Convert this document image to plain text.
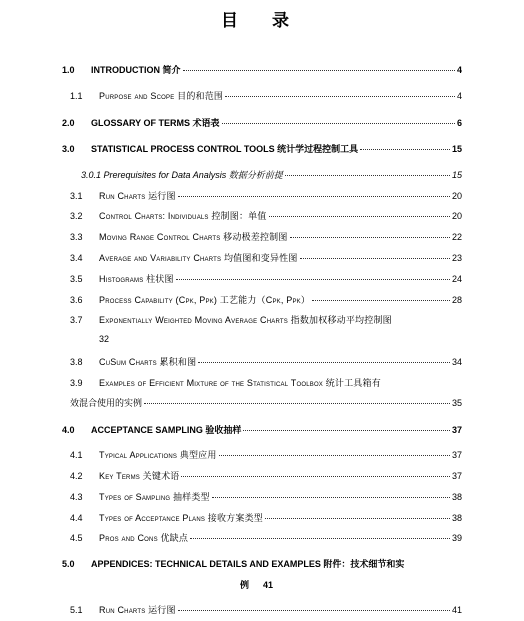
目 录
1.0	INTRODUCTION 简介	4
1.1	Purpose and Scope 目的和范围	4
2.0	GLOSSARY OF TERMS 术语表	6
3.0	STATISTICAL PROCESS CONTROL TOOLS 统计学过程控制工具	15
3.0.1 Prerequisites for Data Analysis 数据分析前提	15
3.1	Run Charts 运行图	20
3.2	Control Charts: Individuals 控制图：单值	20
3.3	Moving Range Control Charts 移动极差控制图	22
3.4	Average and Variability Charts 均值图和变异性图	23
3.5	Histograms 柱状图	24
3.6	Process Capability (Cpk, Ppk) 工艺能力（Cpk, Ppk）	28
3.7	Exponentially Weighted Moving Average Charts 指数加权移动平均控制图
32
3.8	CuSum Charts 累积和图	34
3.9	Examples of Efficient Mixture of the Statistical Toolbox 统计工具箱有
效混合使用的实例	35
4.0	ACCEPTANCE SAMPLING 验收抽样	37
4.1	Typical Applications 典型应用	37
4.2	Key Terms 关键术语	37
4.3	Types of Sampling 抽样类型	38
4.4	Types of Acceptance Plans 接收方案类型	38
4.5	Pros and Cons 优缺点	39
5.0	APPENDICES: TECHNICAL DETAILS AND EXAMPLES 附件：技术细节和实
例 41
5.1	Run Charts 运行图	41
